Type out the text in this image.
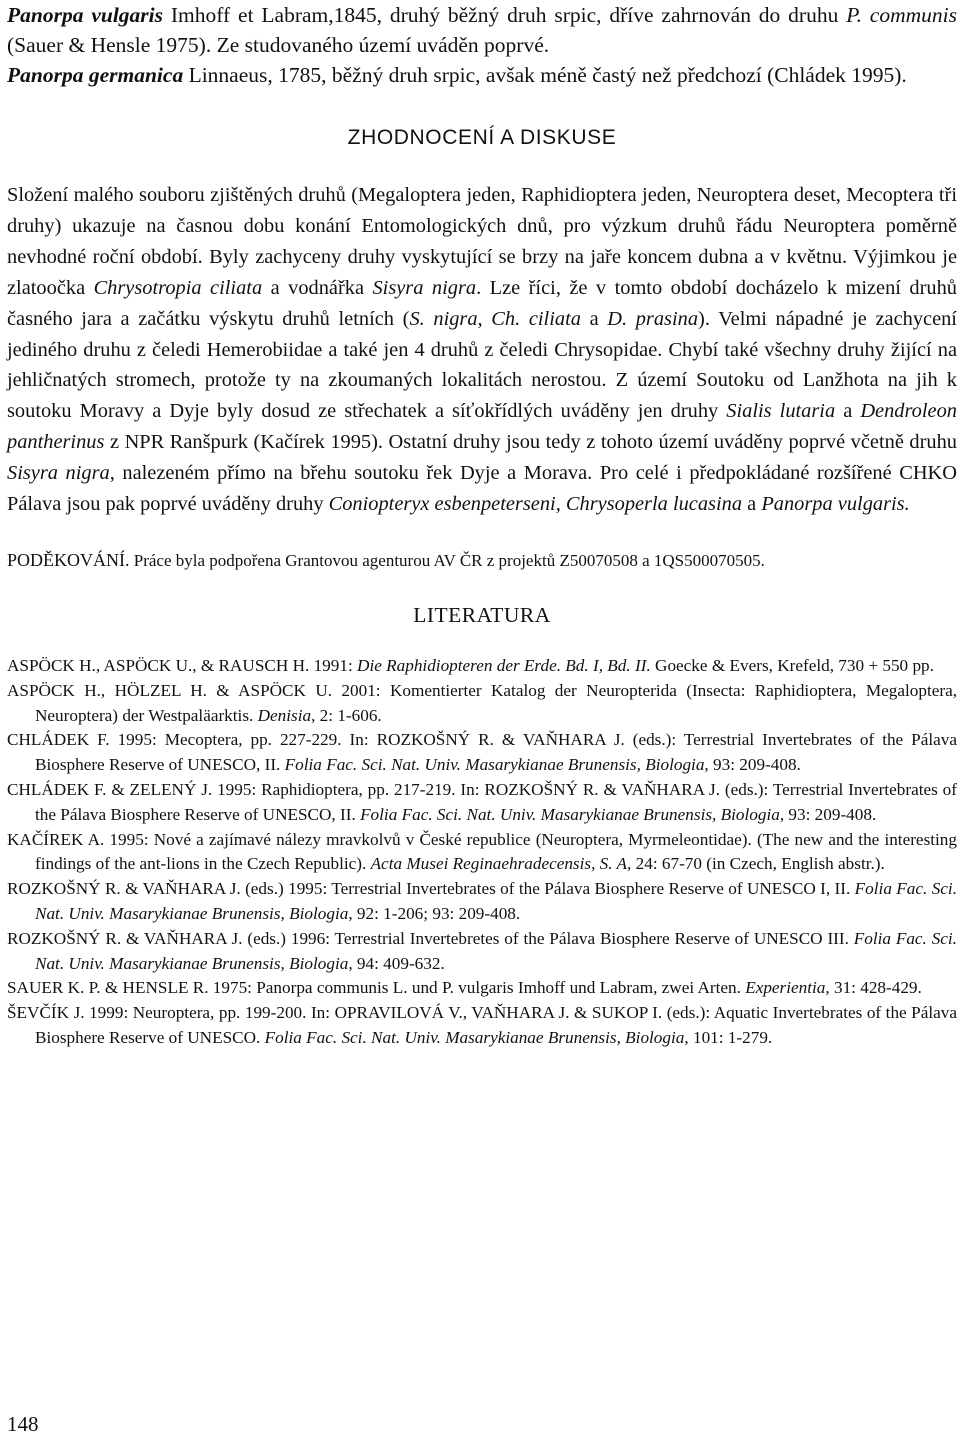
Panorpa vulgaris Imhoff et Labram,1845, druhý běžný druh srpic, dříve zahrnován do druhu P. communis (Sauer & Hensle 1975). Ze studovaného území uváděn poprvé.

Panorpa germanica Linnaeus, 1785, běžný druh srpic, avšak méně častý než předchozí (Chládek 1995).

ZHODNOCENÍ A DISKUSE

Složení malého souboru zjištěných druhů (Megaloptera jeden, Raphidioptera jeden, Neuroptera deset, Mecoptera tři druhy) ukazuje na časnou dobu konání Entomologických dnů, pro výzkum druhů řádu Neuroptera poměrně nevhodné roční období. Byly zachyceny druhy vyskytující se brzy na jaře koncem dubna a v květnu. Výjimkou je zlatoočka Chrysotropia ciliata a vodnářka Sisyra nigra. Lze říci, že v tomto období docházelo k mizení druhů časného jara a začátku výskytu druhů letních (S. nigra, Ch. ciliata a D. prasina). Velmi nápadné je zachycení jediného druhu z čeledi Hemerobiidae a také jen 4 druhů z čeledi Chrysopidae. Chybí také všechny druhy žijící na jehličnatých stromech, protože ty na zkoumaných lokalitách nerostou. Z území Soutoku od Lanžhota na jih k soutoku Moravy a Dyje byly dosud ze střechatek a síťokřídlých uváděny jen druhy Sialis lutaria a Dendroleon pantherinus z NPR Ranšpurk (Kačírek 1995). Ostatní druhy jsou tedy z tohoto území uváděny poprvé včetně druhu Sisyra nigra, nalezeném přímo na břehu soutoku řek Dyje a Morava. Pro celé i předpokládané rozšířené CHKO Pálava jsou pak poprvé uváděny druhy Coniopteryx esbenpeterseni, Chrysoperla lucasina a Panorpa vulgaris.

PODĚKOVÁNÍ. Práce byla podpořena Grantovou agenturou AV ČR z projektů Z50070508 a 1QS500070505.

LITERATURA

ASPÖCK H., ASPÖCK U., & RAUSCH H. 1991: Die Raphidiopteren der Erde. Bd. I, Bd. II. Goecke & Evers, Krefeld, 730 + 550 pp.

ASPÖCK H., HÖLZEL H. & ASPÖCK U. 2001: Komentierter Katalog der Neuropterida (Insecta: Raphidioptera, Megaloptera, Neuroptera) der Westpaläarktis. Denisia, 2: 1-606.

CHLÁDEK F. 1995: Mecoptera, pp. 227-229. In: ROZKOŠNÝ R. & VAŇHARA J. (eds.): Terrestrial Invertebrates of the Pálava Biosphere Reserve of UNESCO, II. Folia Fac. Sci. Nat. Univ. Masarykianae Brunensis, Biologia, 93: 209-408.

CHLÁDEK F. & ZELENÝ J. 1995: Raphidioptera, pp. 217-219. In: ROZKOŠNÝ R. & VAŇHARA J. (eds.): Terrestrial Invertebrates of the Pálava Biosphere Reserve of UNESCO, II. Folia Fac. Sci. Nat. Univ. Masarykianae Brunensis, Biologia, 93: 209-408.

KAČÍREK A. 1995: Nové a zajímavé nálezy mravkolvů v České republice (Neuroptera, Myrmeleontidae). (The new and the interesting findings of the ant-lions in the Czech Republic). Acta Musei Reginaehradecensis, S. A, 24: 67-70 (in Czech, English abstr.).

ROZKOŠNÝ R. & VAŇHARA J. (eds.) 1995: Terrestrial Invertebrates of the Pálava Biosphere Reserve of UNESCO I, II. Folia Fac. Sci. Nat. Univ. Masarykianae Brunensis, Biologia, 92: 1-206; 93: 209-408.

ROZKOŠNÝ R. & VAŇHARA J. (eds.) 1996: Terrestrial Invertebretes of the Pálava Biosphere Reserve of UNESCO III. Folia Fac. Sci. Nat. Univ. Masarykianae Brunensis, Biologia, 94: 409-632.

SAUER K. P. & HENSLE R. 1975: Panorpa communis L. und P. vulgaris Imhoff und Labram, zwei Arten. Experientia, 31: 428-429.

ŠEVČÍK J. 1999: Neuroptera, pp. 199-200. In: OPRAVILOVÁ V., VAŇHARA J. & SUKOP I. (eds.): Aquatic Invertebrates of the Pálava Biosphere Reserve of UNESCO. Folia Fac. Sci. Nat. Univ. Masarykianae Brunensis, Biologia, 101: 1-279.

148
